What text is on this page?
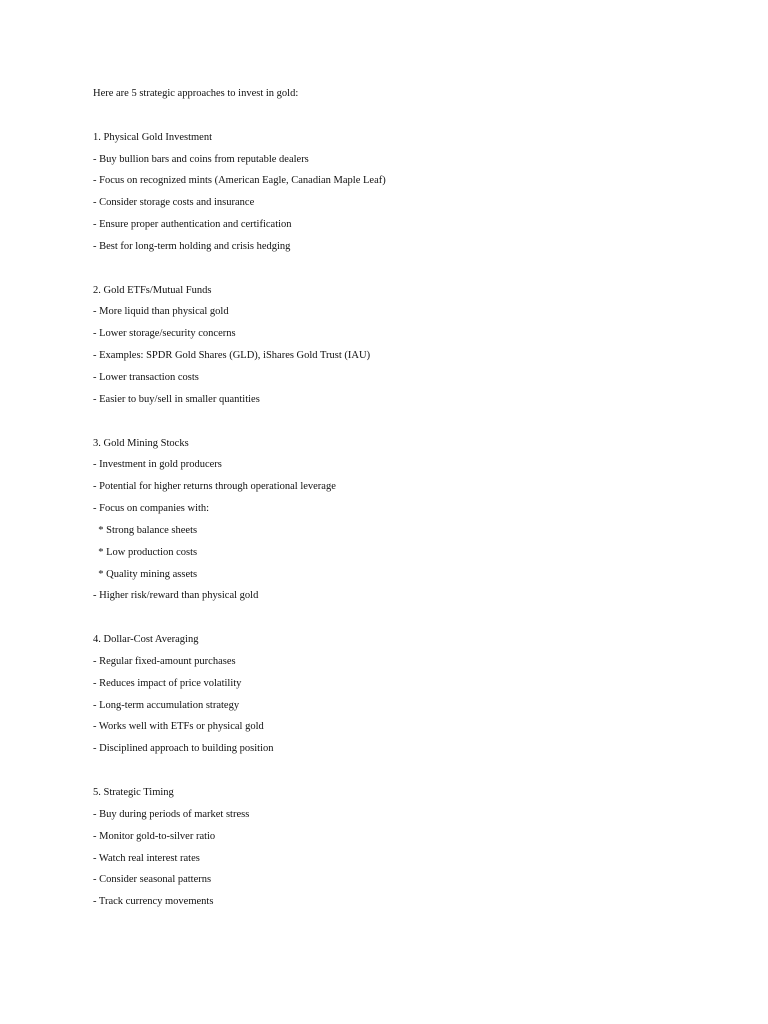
Here are 5 strategic approaches to invest in gold:
1. Physical Gold Investment
- Buy bullion bars and coins from reputable dealers
- Focus on recognized mints (American Eagle, Canadian Maple Leaf)
- Consider storage costs and insurance
- Ensure proper authentication and certification
- Best for long-term holding and crisis hedging
2. Gold ETFs/Mutual Funds
- More liquid than physical gold
- Lower storage/security concerns
- Examples: SPDR Gold Shares (GLD), iShares Gold Trust (IAU)
- Lower transaction costs
- Easier to buy/sell in smaller quantities
3. Gold Mining Stocks
- Investment in gold producers
- Potential for higher returns through operational leverage
- Focus on companies with:
* Strong balance sheets
* Low production costs
* Quality mining assets
- Higher risk/reward than physical gold
4. Dollar-Cost Averaging
- Regular fixed-amount purchases
- Reduces impact of price volatility
- Long-term accumulation strategy
- Works well with ETFs or physical gold
- Disciplined approach to building position
5. Strategic Timing
- Buy during periods of market stress
- Monitor gold-to-silver ratio
- Watch real interest rates
- Consider seasonal patterns
- Track currency movements
